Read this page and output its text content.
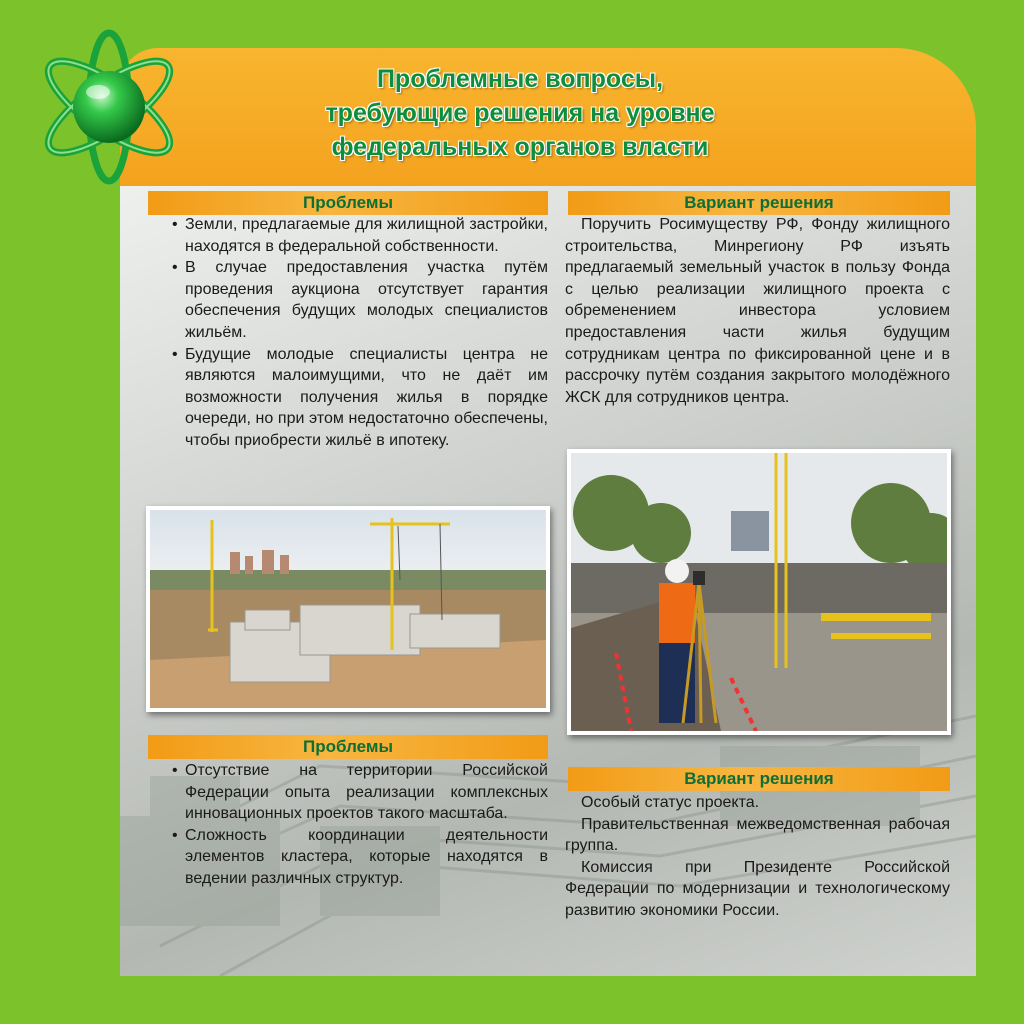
Проблемные вопросы,
требующие решения на уровне
федеральных органов власти
Проблемы	Вариант решения
• Земли, предлагаемые для жилищной застройки, находятся в федеральной собственности.
• В случае предоставления участка путём проведения аукциона отсутствует гарантия обеспечения будущих молодых специалистов жильём.
• Будущие молодые специалисты центра не являются малоимущими, что не даёт им возможности получения жилья в порядке очереди, но при этом недостаточно обеспечены, чтобы приобрести жильё в ипотеку.

Поручить Росимуществу РФ, Фонду жилищного строительства, Минрегиону РФ изъять предлагаемый земельный участок в пользу Фонда с целью реализации жилищного проекта с обременением инвестора условием предоставления части жилья будущим сотрудникам центра по фиксированной цене и в рассрочку путём создания закрытого молодёжного ЖСК для сотрудников центра.

Проблемы
Вариант решения
• Отсутствие на территории Российской Федерации опыта реализации комплексных инновационных проектов такого масштаба.
• Сложность координации деятельности элементов кластера, которые находятся в ведении различных структур.

Особый статус проекта.

Правительственная межведомственная рабочая группа.

Комиссия при Президенте Российской Федерации по модернизации и технологическому развитию экономики России.
